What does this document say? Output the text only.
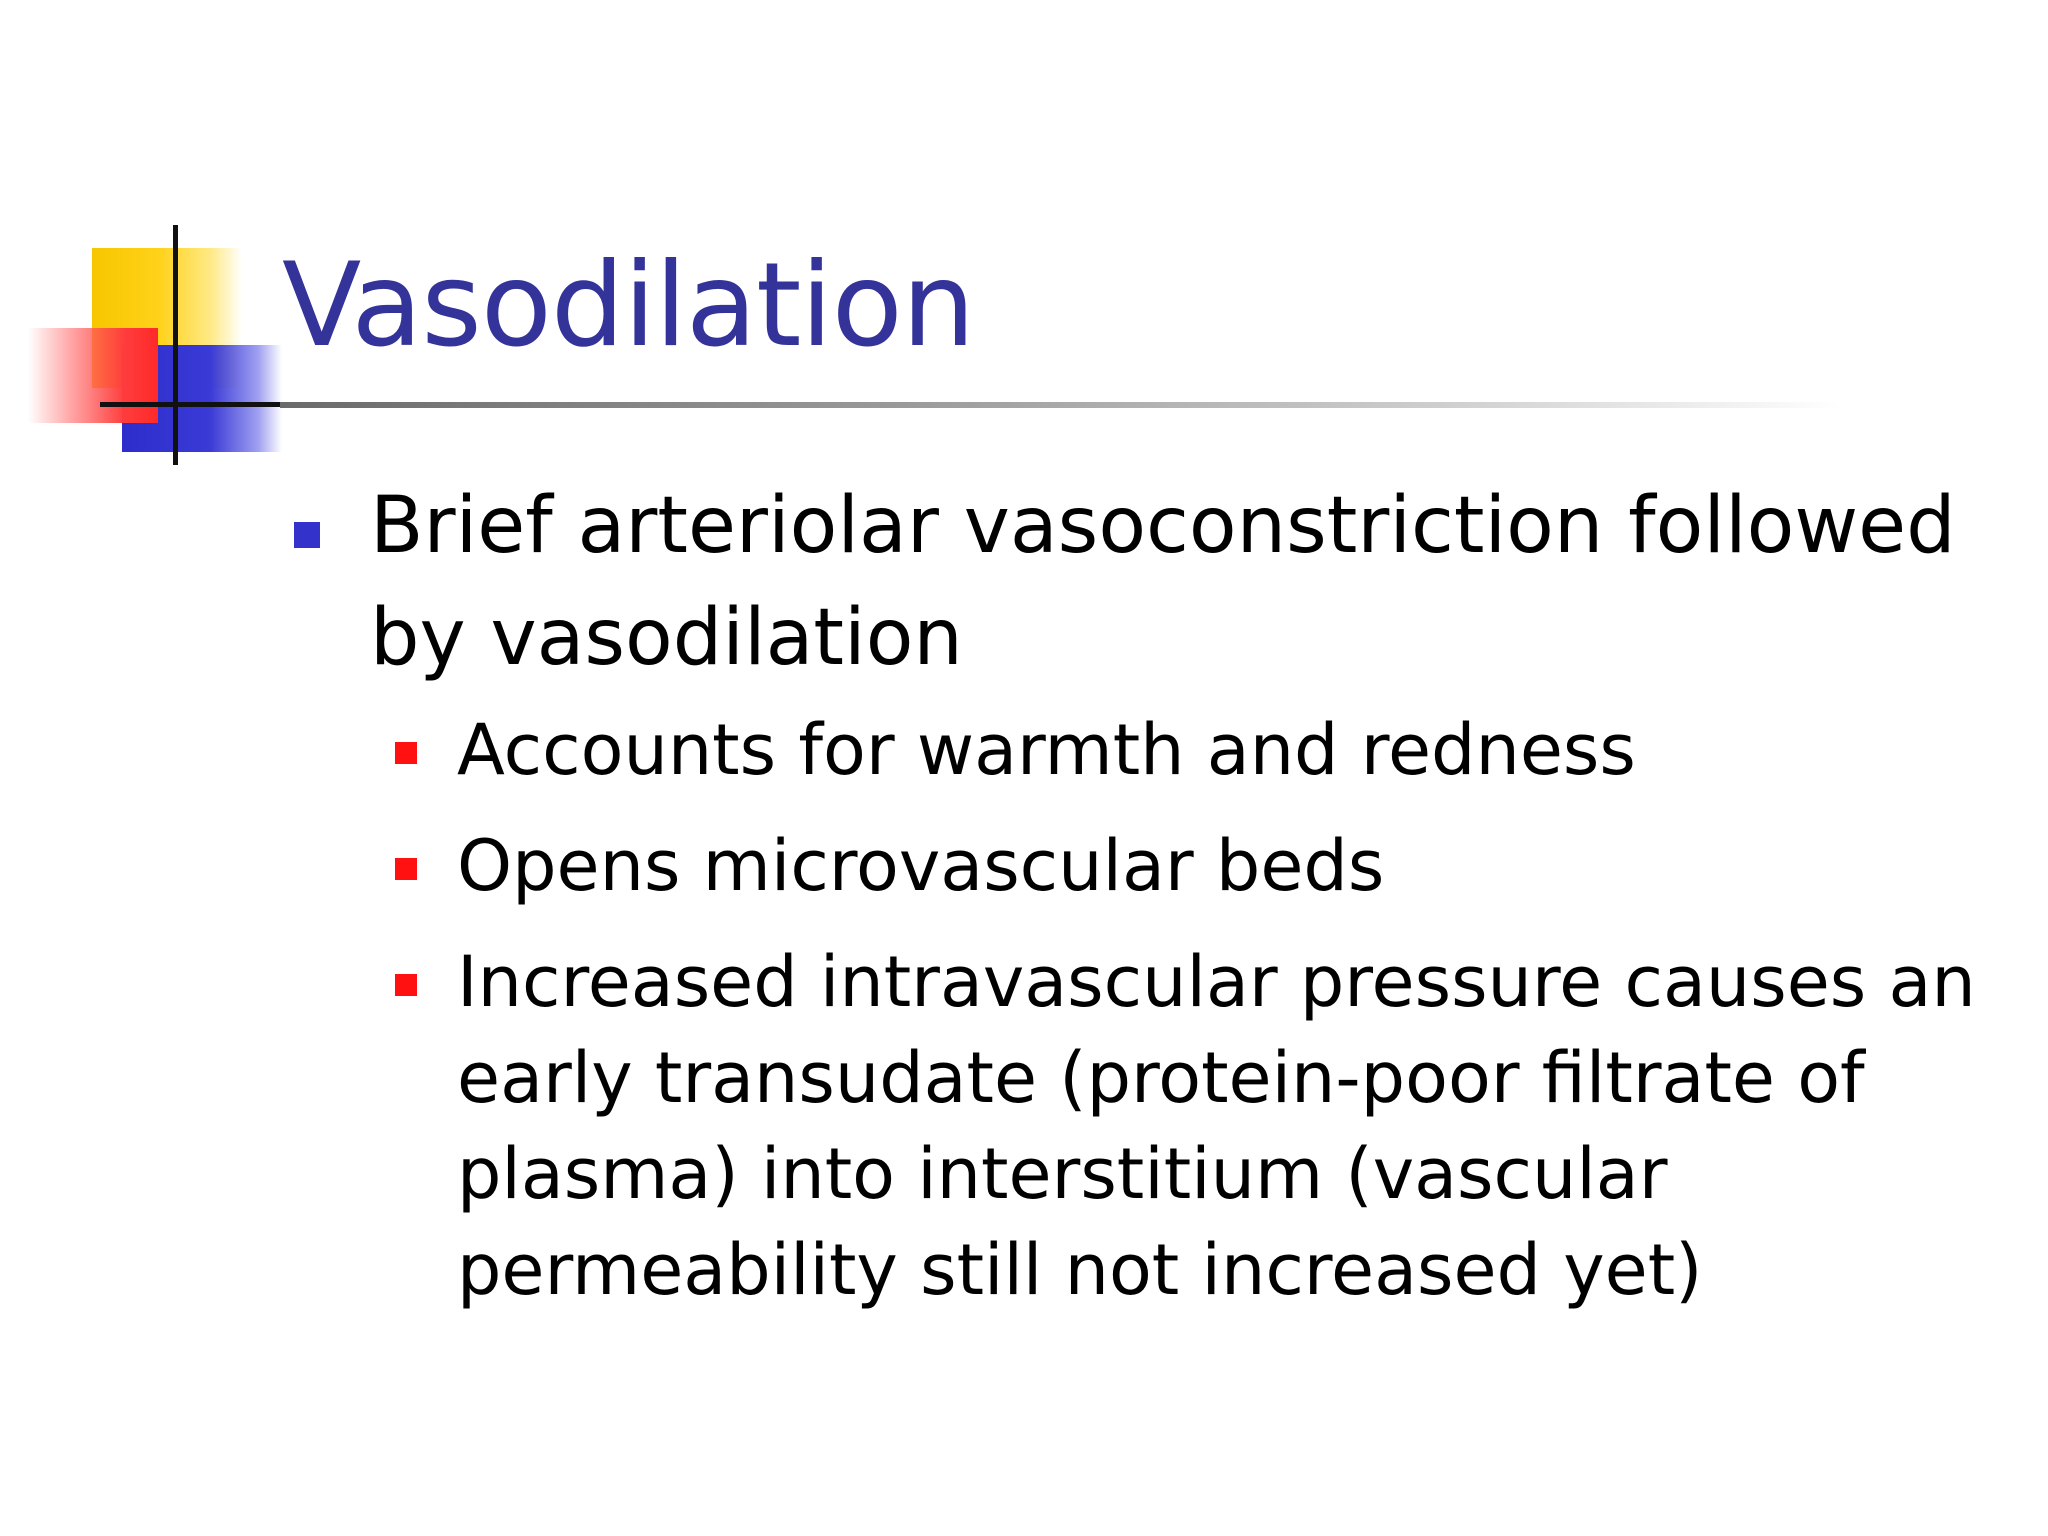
Vasodilation

Brief arteriolar vasoconstriction followed by vasodilation

Accounts for warmth and redness
Opens microvascular beds
Increased intravascular pressure causes an early transudate (protein-poor filtrate of plasma) into interstitium (vascular permeability still not increased yet)
